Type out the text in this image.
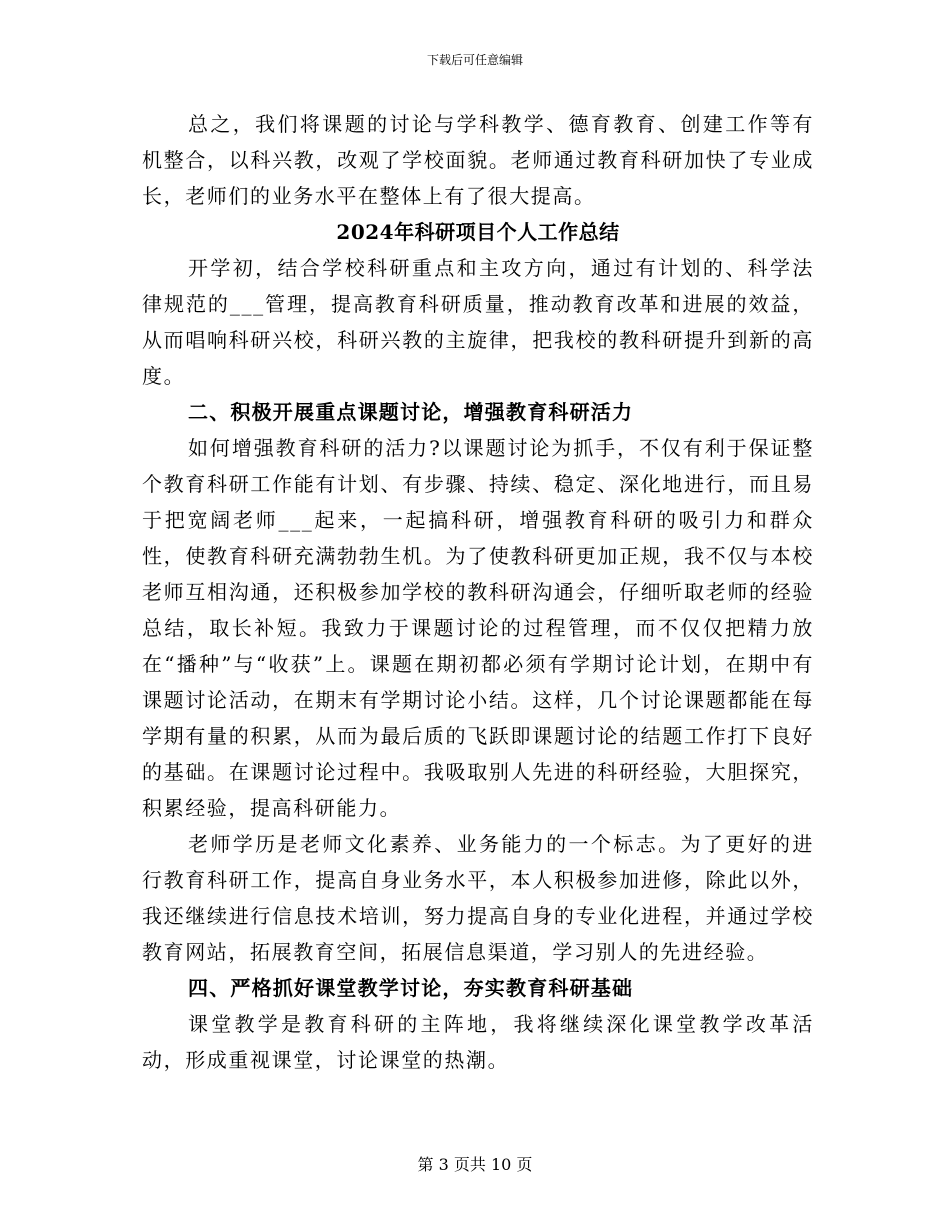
下载后可任意编辑

总之，我们将课题的讨论与学科教学、德育教育、创建工作等有机整合，以科兴教，改观了学校面貌。老师通过教育科研加快了专业成长，老师们的业务水平在整体上有了很大提高。

2024年科研项目个人工作总结

开学初，结合学校科研重点和主攻方向，通过有计划的、科学法律规范的___管理，提高教育科研质量，推动教育改革和进展的效益，从而唱响科研兴校，科研兴教的主旋律，把我校的教科研提升到新的高度。

二、积极开展重点课题讨论，增强教育科研活力

如何增强教育科研的活力?以课题讨论为抓手，不仅有利于保证整个教育科研工作能有计划、有步骤、持续、稳定、深化地进行，而且易于把宽阔老师___起来，一起搞科研，增强教育科研的吸引力和群众性，使教育科研充满勃勃生机。为了使教科研更加正规，我不仅与本校老师互相沟通，还积极参加学校的教科研沟通会，仔细听取老师的经验总结，取长补短。我致力于课题讨论的过程管理，而不仅仅把精力放在“播种”与“收获”上。课题在期初都必须有学期讨论计划，在期中有课题讨论活动，在期末有学期讨论小结。这样，几个讨论课题都能在每学期有量的积累，从而为最后质的飞跃即课题讨论的结题工作打下良好的基础。在课题讨论过程中。我吸取别人先进的科研经验，大胆探究，积累经验，提高科研能力。

老师学历是老师文化素养、业务能力的一个标志。为了更好的进行教育科研工作，提高自身业务水平，本人积极参加进修，除此以外，我还继续进行信息技术培训，努力提高自身的专业化进程，并通过学校教育网站，拓展教育空间，拓展信息渠道，学习别人的先进经验。

四、严格抓好课堂教学讨论，夯实教育科研基础

课堂教学是教育科研的主阵地，我将继续深化课堂教学改革活动，形成重视课堂，讨论课堂的热潮。

第 3 页共 10 页
